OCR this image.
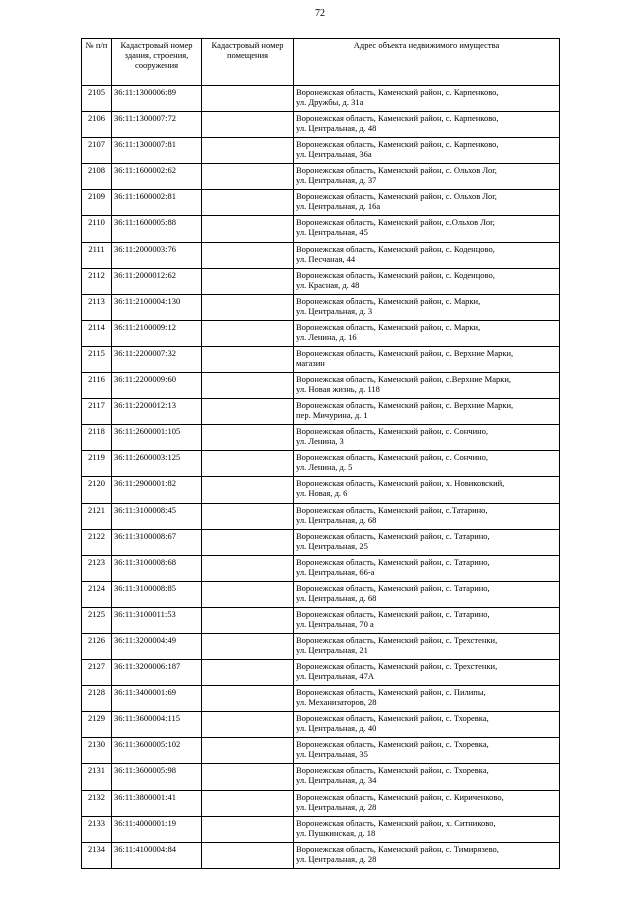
72
№ п/п	Кадастровый номер здания, строения, сооружения	Кадастровый номер помещения	Адрес объекта недвижимого имущества
2105	36:11:1300006:89		Воронежская область, Каменский район, с. Карпенково,
ул. Дружбы, д. 31а

2106	36:11:1300007:72		Воронежская область, Каменский район, с. Карпенково,
ул. Центральная, д. 48

2107	36:11:1300007:81		Воронежская область, Каменский район, с. Карпенково,
ул. Центральная, 36а

2108	36:11:1600002:62		Воронежская область, Каменский район, с. Ольхов Лог,
ул. Центральная, д. 37

2109	36:11:1600002:81		Воронежская область, Каменский район, с. Ольхов Лог,
ул. Центральная, д. 16а

2110	36:11:1600005:88		Воронежская область, Каменский район, с.Ольхов Лог,
ул. Центральная, 45

2111	36:11:2000003:76		Воронежская область, Каменский район, с. Коденцово,
ул. Песчаная, 44

2112	36:11:2000012:62		Воронежская область, Каменский район, с. Коденцово,
ул. Красная, д. 48

2113	36:11:2100004:130		Воронежская область, Каменский район, с. Марки,
ул. Центральная, д. 3

2114	36:11:2100009:12		Воронежская область, Каменский район, с. Марки,
ул. Ленина, д. 16

2115	36:11:2200007:32		Воронежская область, Каменский район, с. Верхние Марки,
магазин

2116	36:11:2200009:60		Воронежская область, Каменский район, с.Верхние Марки,
ул. Новая жизнь, д. 118

2117	36:11:2200012:13		Воронежская область, Каменский район, с. Верхние Марки,
пер. Мичурина, д. 1

2118	36:11:2600001:105		Воронежская область, Каменский район, с. Сончино,
ул. Ленина, 3

2119	36:11:2600003:125		Воронежская область, Каменский район, с. Сончино,
ул. Ленина, д. 5

2120	36:11:2900001:82		Воронежская область, Каменский район, х. Новиковский,
ул. Новая, д. 6

2121	36:11:3100008:45		Воронежская область, Каменский район, с.Татарино,
ул. Центральная, д. 68

2122	36:11:3100008:67		Воронежская область, Каменский район, с. Татарино,
ул. Центральная, 25

2123	36:11:3100008:68		Воронежская область, Каменский район, с. Татарино,
ул. Центральная, 66-а

2124	36:11:3100008:85		Воронежская область, Каменский район, с. Татарино,
ул. Центральная, д. 68

2125	36:11:3100011:53		Воронежская область, Каменский район, с. Татарино,
ул. Центральная, 70 а

2126	36:11:3200004:49		Воронежская область, Каменский район, с. Трехстенки,
ул. Центральная, 21

2127	36:11:3200006:187		Воронежская область, Каменский район, с. Трехстенки,
ул. Центральная, 47А

2128	36:11:3400001:69		Воронежская область, Каменский район, с. Пилипы,
ул. Механизаторов, 28

2129	36:11:3600004:115		Воронежская область, Каменский район, с. Тхоревка,
ул. Центральная, д. 40

2130	36:11:3600005:102		Воронежская область, Каменский район, с. Тхоревка,
ул. Центральная, 35

2131	36:11:3600005:98		Воронежская область, Каменский район, с. Тхоревка,
ул. Центральная, д. 34

2132	36:11:3800001:41		Воронежская область, Каменский район, с. Кириченково,
ул. Центральная, д. 28

2133	36:11:4000001:19		Воронежская область, Каменский район, х. Ситниково,
ул. Пушкинская, д. 18

2134	36:11:4100004:84		Воронежская область, Каменский район, с. Тимирязево,
ул. Центральная, д. 28
